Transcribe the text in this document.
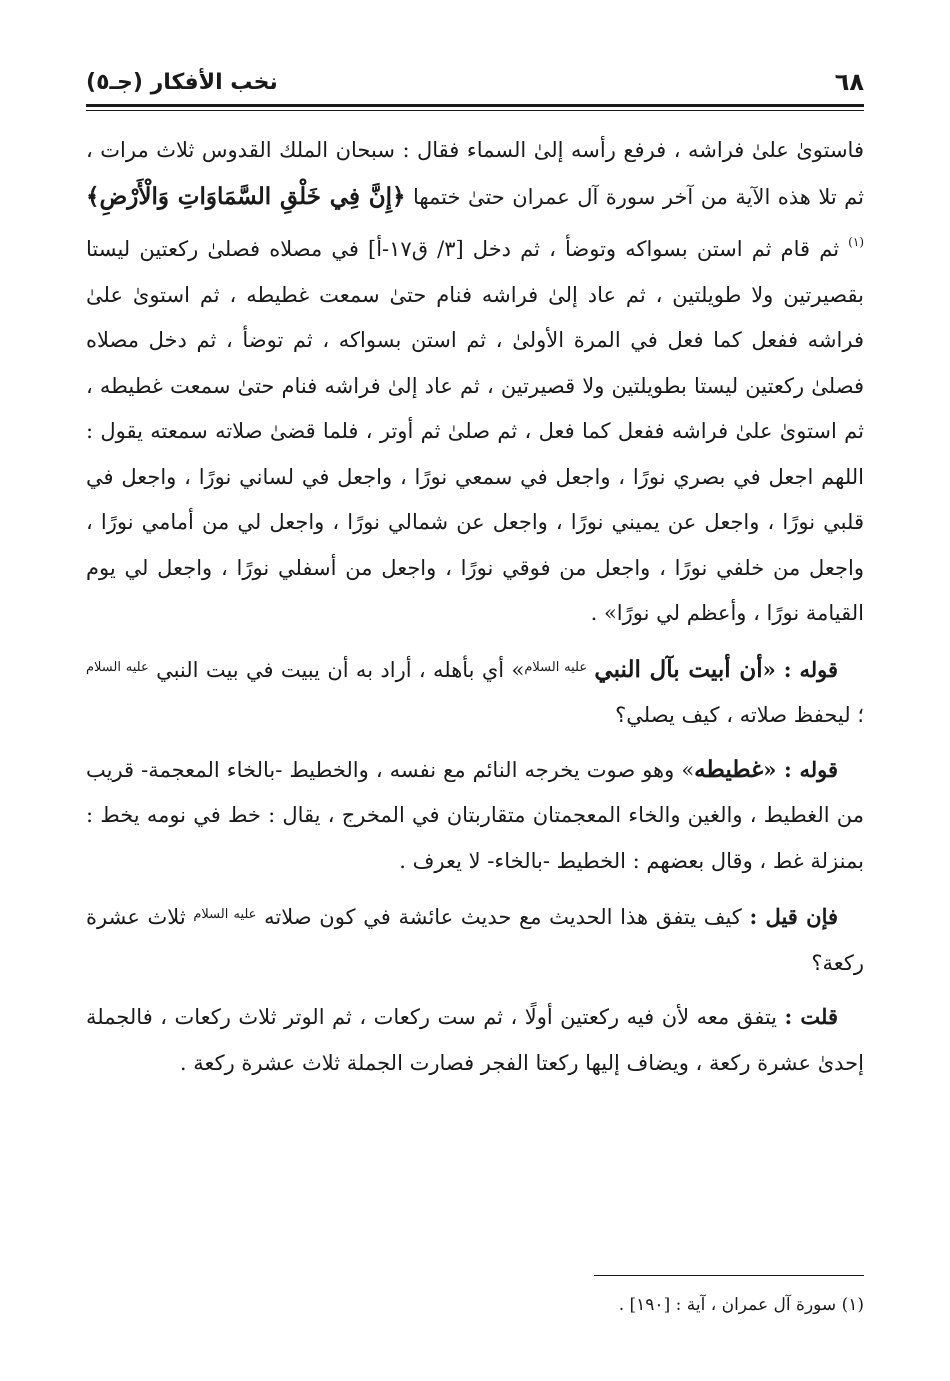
٦٨
نخب الأفكار (جـ٥)

فاستوىٰ علىٰ فراشه ، فرفع رأسه إلىٰ السماء فقال : سبحان الملك القدوس ثلاث مرات ، ثم تلا هذه الآية من آخر سورة آل عمران حتىٰ ختمها ﴿إِنَّ فِي خَلْقِ السَّمَاوَاتِ وَالْأَرْضِ﴾$^{(١)}$ ثم قام ثم استن بسواكه وتوضأ ، ثم دخل [٣/ ق١٧-أ] في مصلاه فصلىٰ ركعتين ليستا بقصيرتين ولا طويلتين ، ثم عاد إلىٰ فراشه فنام حتىٰ سمعت غطيطه ، ثم استوىٰ علىٰ فراشه ففعل كما فعل في المرة الأولىٰ ، ثم استن بسواكه ، ثم توضأ ، ثم دخل مصلاه فصلىٰ ركعتين ليستا بطويلتين ولا قصيرتين ، ثم عاد إلىٰ فراشه فنام حتىٰ سمعت غطيطه ، ثم استوىٰ علىٰ فراشه ففعل كما فعل ، ثم صلىٰ ثم أوتر ، فلما قضىٰ صلاته سمعته يقول : اللهم اجعل في بصري نورًا ، واجعل في سمعي نورًا ، واجعل في لساني نورًا ، واجعل في قلبي نورًا ، واجعل عن يميني نورًا ، واجعل عن شمالي نورًا ، واجعل لي من أمامي نورًا ، واجعل من خلفي نورًا ، واجعل من فوقي نورًا ، واجعل من أسفلي نورًا ، واجعل لي يوم القيامة نورًا ، وأعظم لي نورًا» .

قوله : «أن أبيت بآل النبي $^{عليه السلام}$» أي بأهله ، أراد به أن يبيت في بيت النبي $^{عليه السلام}$ ؛ ليحفظ صلاته ، كيف يصلي؟

قوله : «غطيطه» وهو صوت يخرجه النائم مع نفسه ، والخطيط -بالخاء المعجمة- قريب من الغطيط ، والغين والخاء المعجمتان متقاربتان في المخرج ، يقال : خط في نومه يخط : بمنزلة غط ، وقال بعضهم : الخطيط -بالخاء- لا يعرف .

فإن قيل : كيف يتفق هذا الحديث مع حديث عائشة في كون صلاته $^{عليه السلام}$ ثلاث عشرة ركعة؟

قلت : يتفق معه لأن فيه ركعتين أولًا ، ثم ست ركعات ، ثم الوتر ثلاث ركعات ، فالجملة إحدىٰ عشرة ركعة ، ويضاف إليها ركعتا الفجر فصارت الجملة ثلاث عشرة ركعة .

(١) سورة آل عمران ، آية : [١٩٠] .
